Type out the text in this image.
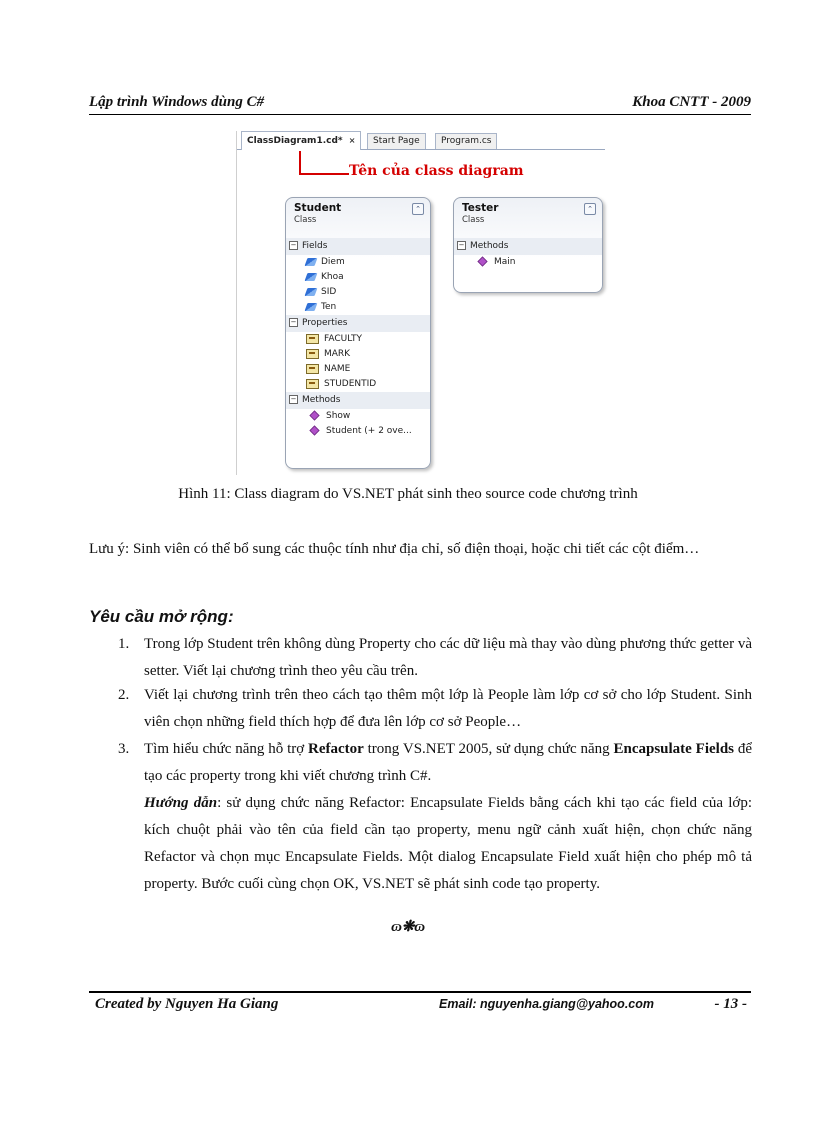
Lập trình Windows dùng C#	Khoa CNTT - 2009
ClassDiagram1.cd* ×	Start Page	Program.cs
Tên của class diagram
Student
Class
⌃
− Fields
Diem
Khoa
SID
Ten
− Properties
FACULTY
MARK
NAME
STUDENTID
− Methods
Show
Student (+ 2 ove...
Tester
Class
⌃
− Methods
Main
Hình 11: Class diagram do VS.NET phát sinh theo source code chương trình
Lưu ý: Sinh viên có thể bổ sung các thuộc tính như địa chỉ, số điện thoại, hoặc chi tiết các cột điểm…
Yêu cầu mở rộng:
1. Trong lớp Student trên không dùng Property cho các dữ liệu mà thay vào dùng phương thức getter và setter. Viết lại chương trình theo yêu cầu trên.
2. Viết lại chương trình trên theo cách tạo thêm một lớp là People làm lớp cơ sở cho lớp Student. Sinh viên chọn những field thích hợp để đưa lên lớp cơ sở People…
3. Tìm hiểu chức năng hỗ trợ Refactor trong VS.NET 2005, sử dụng chức năng Encapsulate Fields để tạo các property trong khi viết chương trình C#.
Hướng dẫn: sử dụng chức năng Refactor: Encapsulate Fields bằng cách khi tạo các field của lớp: kích chuột phải vào tên của field cần tạo property, menu ngữ cảnh xuất hiện, chọn chức năng Refactor và chọn mục Encapsulate Fields. Một dialog Encapsulate Field xuất hiện cho phép mô tả property. Bước cuối cùng chọn OK, VS.NET sẽ phát sinh code tạo property.
ɷ❋ɷ
Created by Nguyen Ha Giang	Email: nguyenha.giang@yahoo.com	- 13 -
